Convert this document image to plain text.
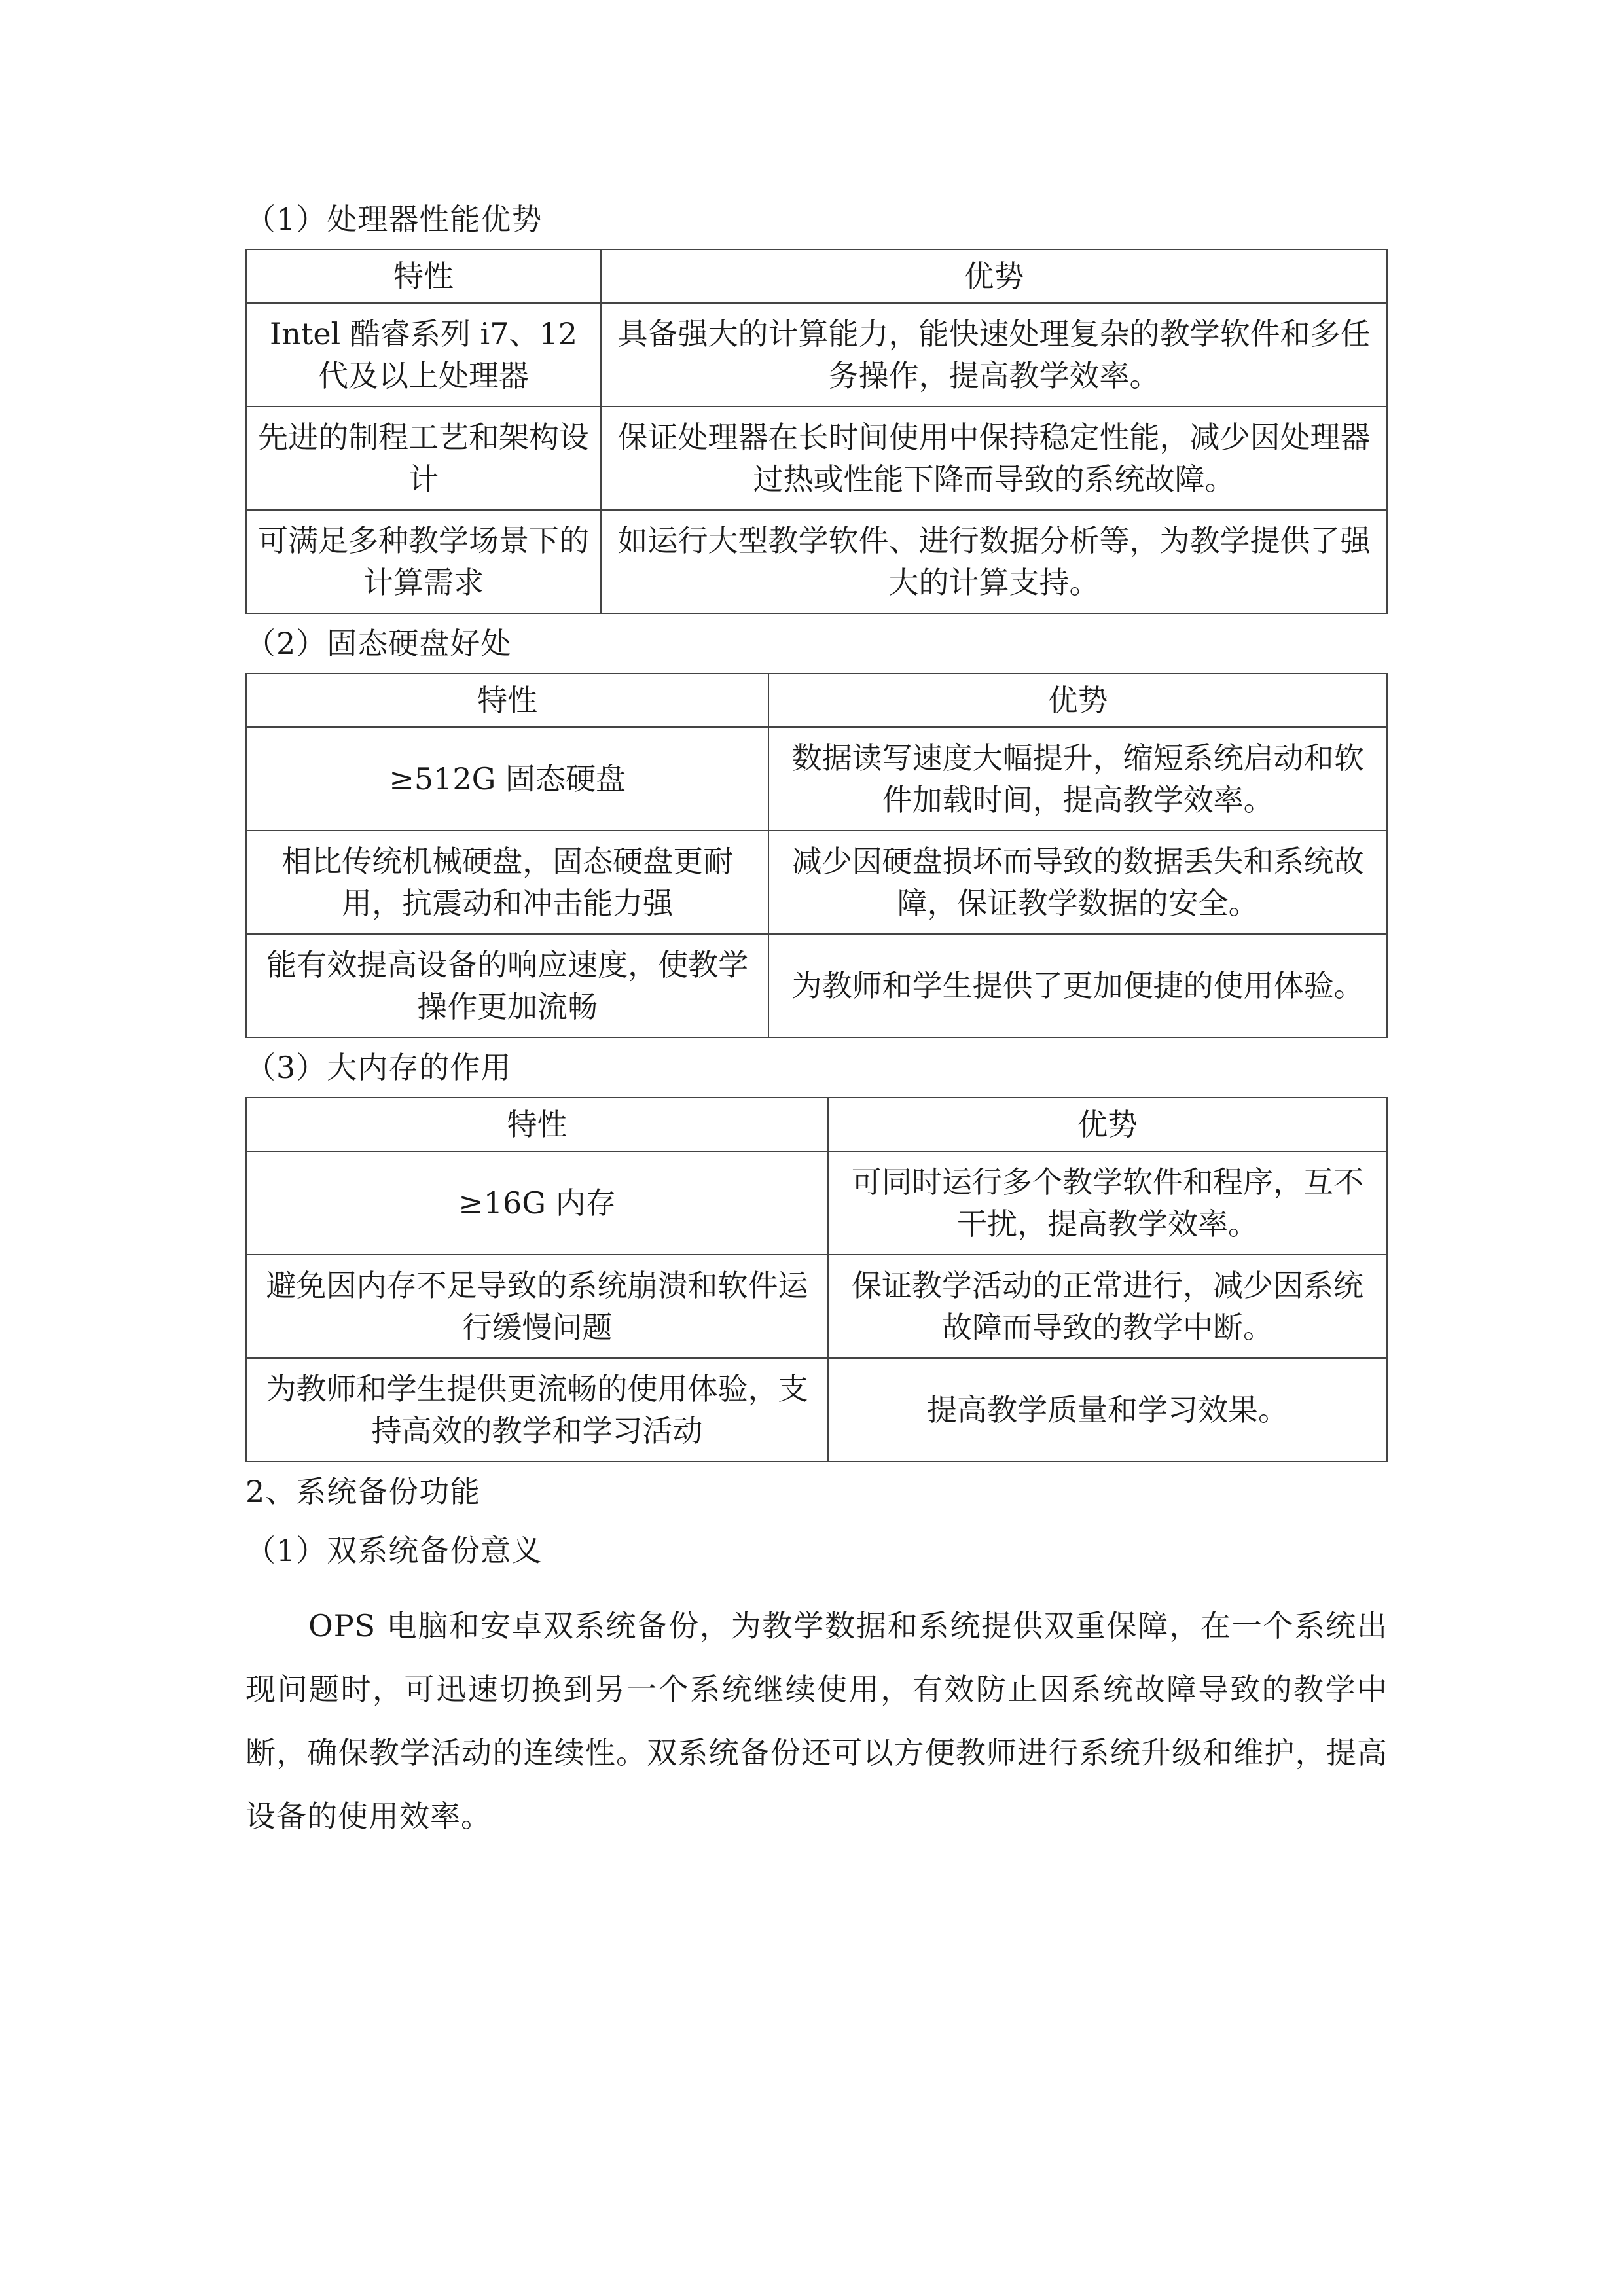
（1）处理器性能优势
特性	优势
Intel 酷睿系列 i7、12 代及以上处理器	具备强大的计算能力，能快速处理复杂的教学软件和多任务操作，提高教学效率。
先进的制程工艺和架构设计	保证处理器在长时间使用中保持稳定性能，减少因处理器过热或性能下降而导致的系统故障。
可满足多种教学场景下的计算需求	如运行大型教学软件、进行数据分析等，为教学提供了强大的计算支持。
（2）固态硬盘好处
特性	优势
≥512G 固态硬盘	数据读写速度大幅提升，缩短系统启动和软件加载时间，提高教学效率。
相比传统机械硬盘，固态硬盘更耐用，抗震动和冲击能力强	减少因硬盘损坏而导致的数据丢失和系统故障，保证教学数据的安全。
能有效提高设备的响应速度，使教学操作更加流畅	为教师和学生提供了更加便捷的使用体验。
（3）大内存的作用
特性	优势
≥16G 内存	可同时运行多个教学软件和程序，互不干扰，提高教学效率。
避免因内存不足导致的系统崩溃和软件运行缓慢问题	保证教学活动的正常进行，减少因系统故障而导致的教学中断。
为教师和学生提供更流畅的使用体验，支持高效的教学和学习活动	提高教学质量和学习效果。
2、系统备份功能
（1）双系统备份意义

OPS 电脑和安卓双系统备份，为教学数据和系统提供双重保障，在一个系统出现问题时，可迅速切换到另一个系统继续使用，有效防止因系统故障导致的教学中断，确保教学活动的连续性。双系统备份还可以方便教师进行系统升级和维护，提高设备的使用效率。
